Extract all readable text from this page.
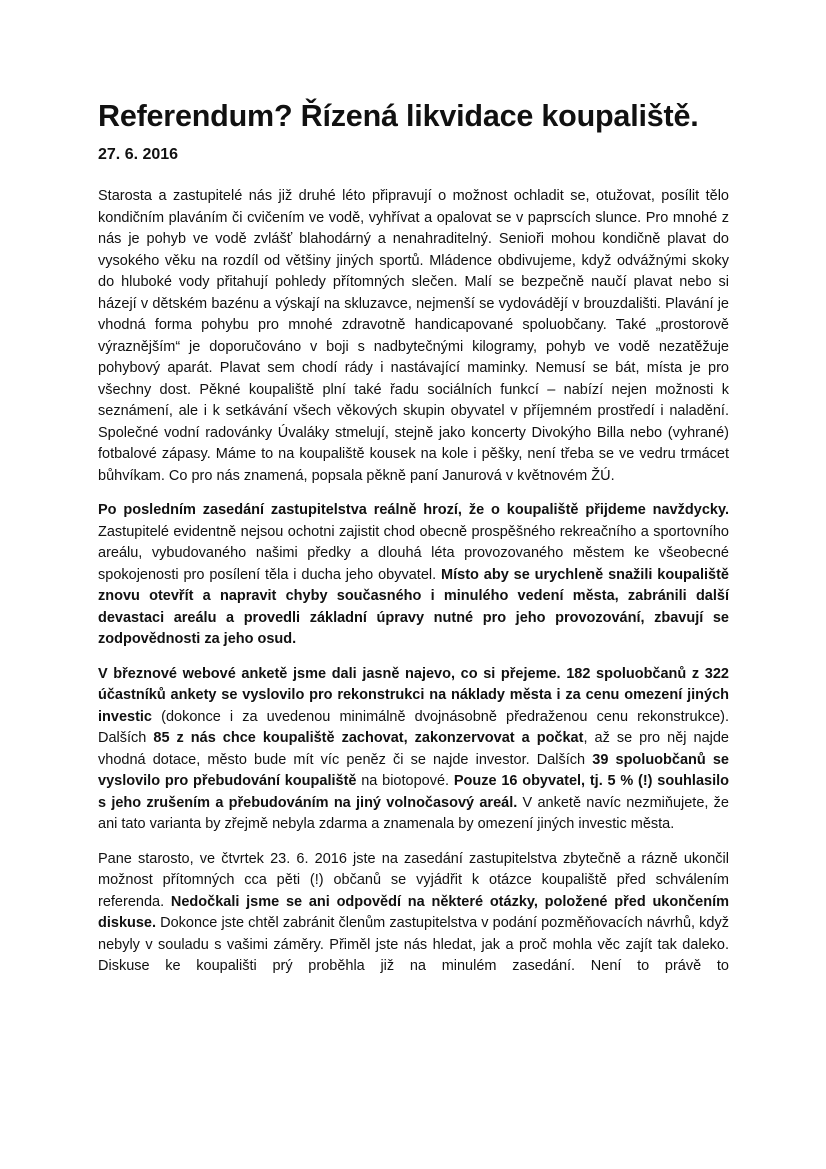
Referendum? Řízená likvidace koupaliště.
27. 6. 2016

Starosta a zastupitelé nás již druhé léto připravují o možnost ochladit se, otužovat, posílit tělo kondičním plaváním či cvičením ve vodě, vyhřívat a opalovat se v paprscích slunce. Pro mnohé z nás je pohyb ve vodě zvlášť blahodárný a nenahraditelný. Senioři mohou kondičně plavat do vysokého věku na rozdíl od většiny jiných sportů. Mládence obdivujeme, když odvážnými skoky do hluboké vody přitahují pohledy přítomných slečen. Malí se bezpečně naučí plavat nebo si házejí v dětském bazénu a výskají na skluzavce, nejmenší se vydovádějí v brouzdališti. Plavání je vhodná forma pohybu pro mnohé zdravotně handicapované spoluobčany. Také „prostorově výraznějším“ je doporučováno v boji s nadbytečnými kilogramy, pohyb ve vodě nezatěžuje pohybový aparát. Plavat sem chodí rády i nastávající maminky. Nemusí se bát, místa je pro všechny dost. Pěkné koupaliště plní také řadu sociálních funkcí – nabízí nejen možnosti k seznámení, ale i k setkávání všech věkových skupin obyvatel v příjemném prostředí i naladění. Společné vodní radovánky Úvaláky stmelují, stejně jako koncerty Divokýho Billa nebo (vyhrané) fotbalové zápasy. Máme to na koupaliště kousek na kole i pěšky, není třeba se ve vedru trmácet bůhvíkam. Co pro nás znamená, popsala pěkně paní Janurová v květnovém ŽÚ.

Po posledním zasedání zastupitelstva reálně hrozí, že o koupaliště přijdeme navždycky. Zastupitelé evidentně nejsou ochotni zajistit chod obecně prospěšného rekreačního a sportovního areálu, vybudovaného našimi předky a dlouhá léta provozovaného městem ke všeobecné spokojenosti pro posílení těla i ducha jeho obyvatel. Místo aby se urychleně snažili koupaliště znovu otevřít a napravit chyby současného i minulého vedení města, zabránili další devastaci areálu a provedli základní úpravy nutné pro jeho provozování, zbavují se zodpovědnosti za jeho osud.

V březnové webové anketě jsme dali jasně najevo, co si přejeme. 182 spoluobčanů z 322 účastníků ankety se vyslovilo pro rekonstrukci na náklady města i za cenu omezení jiných investic (dokonce i za uvedenou minimálně dvojnásobně předraženou cenu rekonstrukce). Dalších 85 z nás chce koupaliště zachovat, zakonzervovat a počkat, až se pro něj najde vhodná dotace, město bude mít víc peněz či se najde investor. Dalších 39 spoluobčanů se vyslovilo pro přebudování koupaliště na biotopové. Pouze 16 obyvatel, tj. 5 % (!) souhlasilo s jeho zrušením a přebudováním na jiný volnočasový areál. V anketě navíc nezmiňujete, že ani tato varianta by zřejmě nebyla zdarma a znamenala by omezení jiných investic města.

Pane starosto, ve čtvrtek 23. 6. 2016 jste na zasedání zastupitelstva zbytečně a rázně ukončil možnost přítomných cca pěti (!) občanů se vyjádřit k otázce koupaliště před schválením referenda. Nedočkali jsme se ani odpovědí na některé otázky, položené před ukončením diskuse. Dokonce jste chtěl zabránit členům zastupitelstva v podání pozměňovacích návrhů, když nebyly v souladu s vašimi záměry. Přiměl jste nás hledat, jak a proč mohla věc zajít tak daleko. Diskuse ke koupališti prý proběhla již na minulém zasedání. Není to právě to
